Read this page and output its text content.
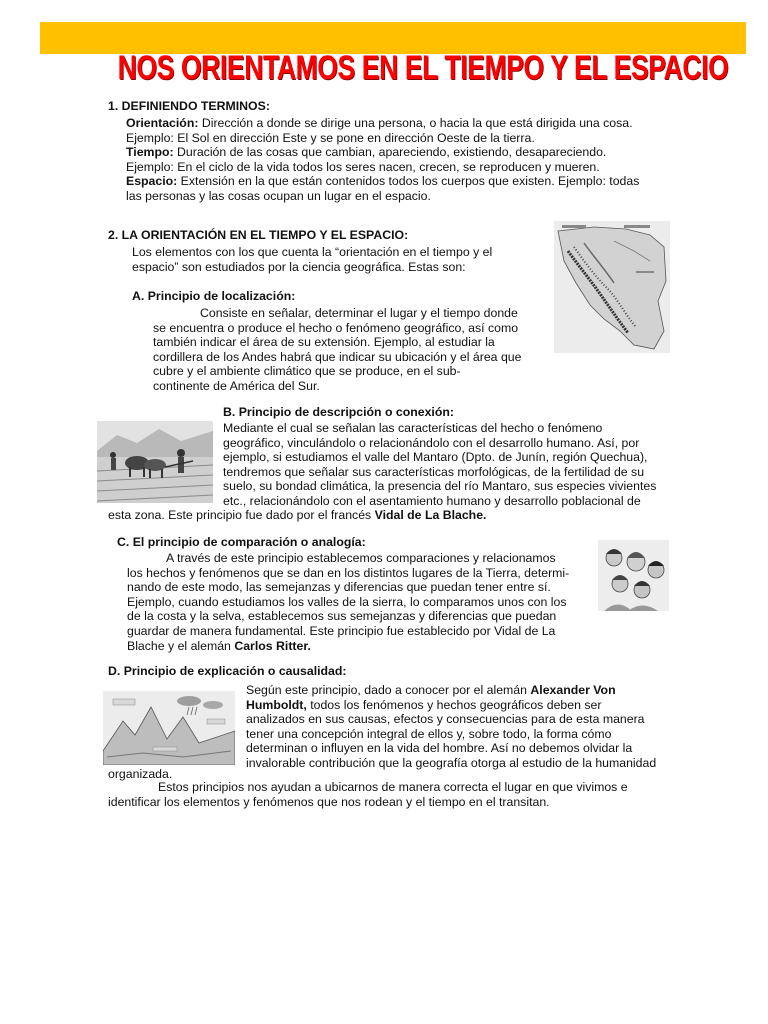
NOS ORIENTAMOS EN EL TIEMPO Y EL ESPACIO
1. DEFINIENDO TERMINOS:
Orientación: Dirección a donde se dirige una persona, o hacia la que está dirigida una cosa.
Ejemplo: El Sol en dirección Este y se pone en dirección Oeste de la tierra.
Tiempo: Duración de las cosas que cambian, apareciendo, existiendo, desapareciendo.
Ejemplo: En el ciclo de la vida todos los seres nacen, crecen, se reproducen y mueren.
Espacio: Extensión en la que están contenidos todos los cuerpos que existen. Ejemplo: todas
las personas y las cosas ocupan un lugar en el espacio.
2. LA ORIENTACIÓN EN EL TIEMPO Y EL ESPACIO:
Los elementos con los que cuenta la “orientación en el tiempo y el
espacio” son estudiados por la ciencia geográfica. Estas son:
A. Principio de localización:
Consiste en señalar, determinar el lugar y el tiempo donde
se encuentra o produce el hecho o fenómeno geográfico, así como
también indicar el área de su extensión. Ejemplo, al estudiar la
cordillera de los Andes habrá que indicar su ubicación y el área que
cubre y el ambiente climático que se produce, en el sub-
continente de América del Sur.
B. Principio de descripción o conexión:
Mediante el cual se señalan las características del hecho o fenómeno
geográfico, vinculándolo o relacionándolo con el desarrollo humano. Así, por
ejemplo, si estudiamos el valle del Mantaro (Dpto. de Junín, región Quechua),
tendremos que señalar sus características morfológicas, de la fertilidad de su
suelo, su bondad climática, la presencia del río Mantaro, sus especies vivientes
etc., relacionándolo con el asentamiento humano y desarrollo poblacional de
esta zona. Este principio fue dado por el francés Vidal de La Blache.
C. El principio de comparación o analogía:
A través de este principio establecemos comparaciones y relacionamos
los hechos y fenómenos que se dan en los distintos lugares de la Tierra, determi-
nando de este modo, las semejanzas y diferencias que puedan tener entre sí.
Ejemplo, cuando estudiamos los valles de la sierra, lo comparamos unos con los
de la costa y la selva, establecemos sus semejanzas y diferencias que puedan
guardar de manera fundamental. Este principio fue establecido por Vidal de La
Blache y el alemán Carlos Ritter.
D. Principio de explicación o causalidad:
Según este principio, dado a conocer por el alemán Alexander Von
Humboldt, todos los fenómenos y hechos geográficos deben ser
analizados en sus causas, efectos y consecuencias para de esta manera
tener una concepción integral de ellos y, sobre todo, la forma cómo
determinan o influyen en la vida del hombre. Así no debemos olvidar la
invalorable contribución que la geografía otorga al estudio de la humanidad
organizada.
Estos principios nos ayudan a ubicarnos de manera correcta el lugar en que vivimos e
identificar los elementos y fenómenos que nos rodean y el tiempo en el transitan.
